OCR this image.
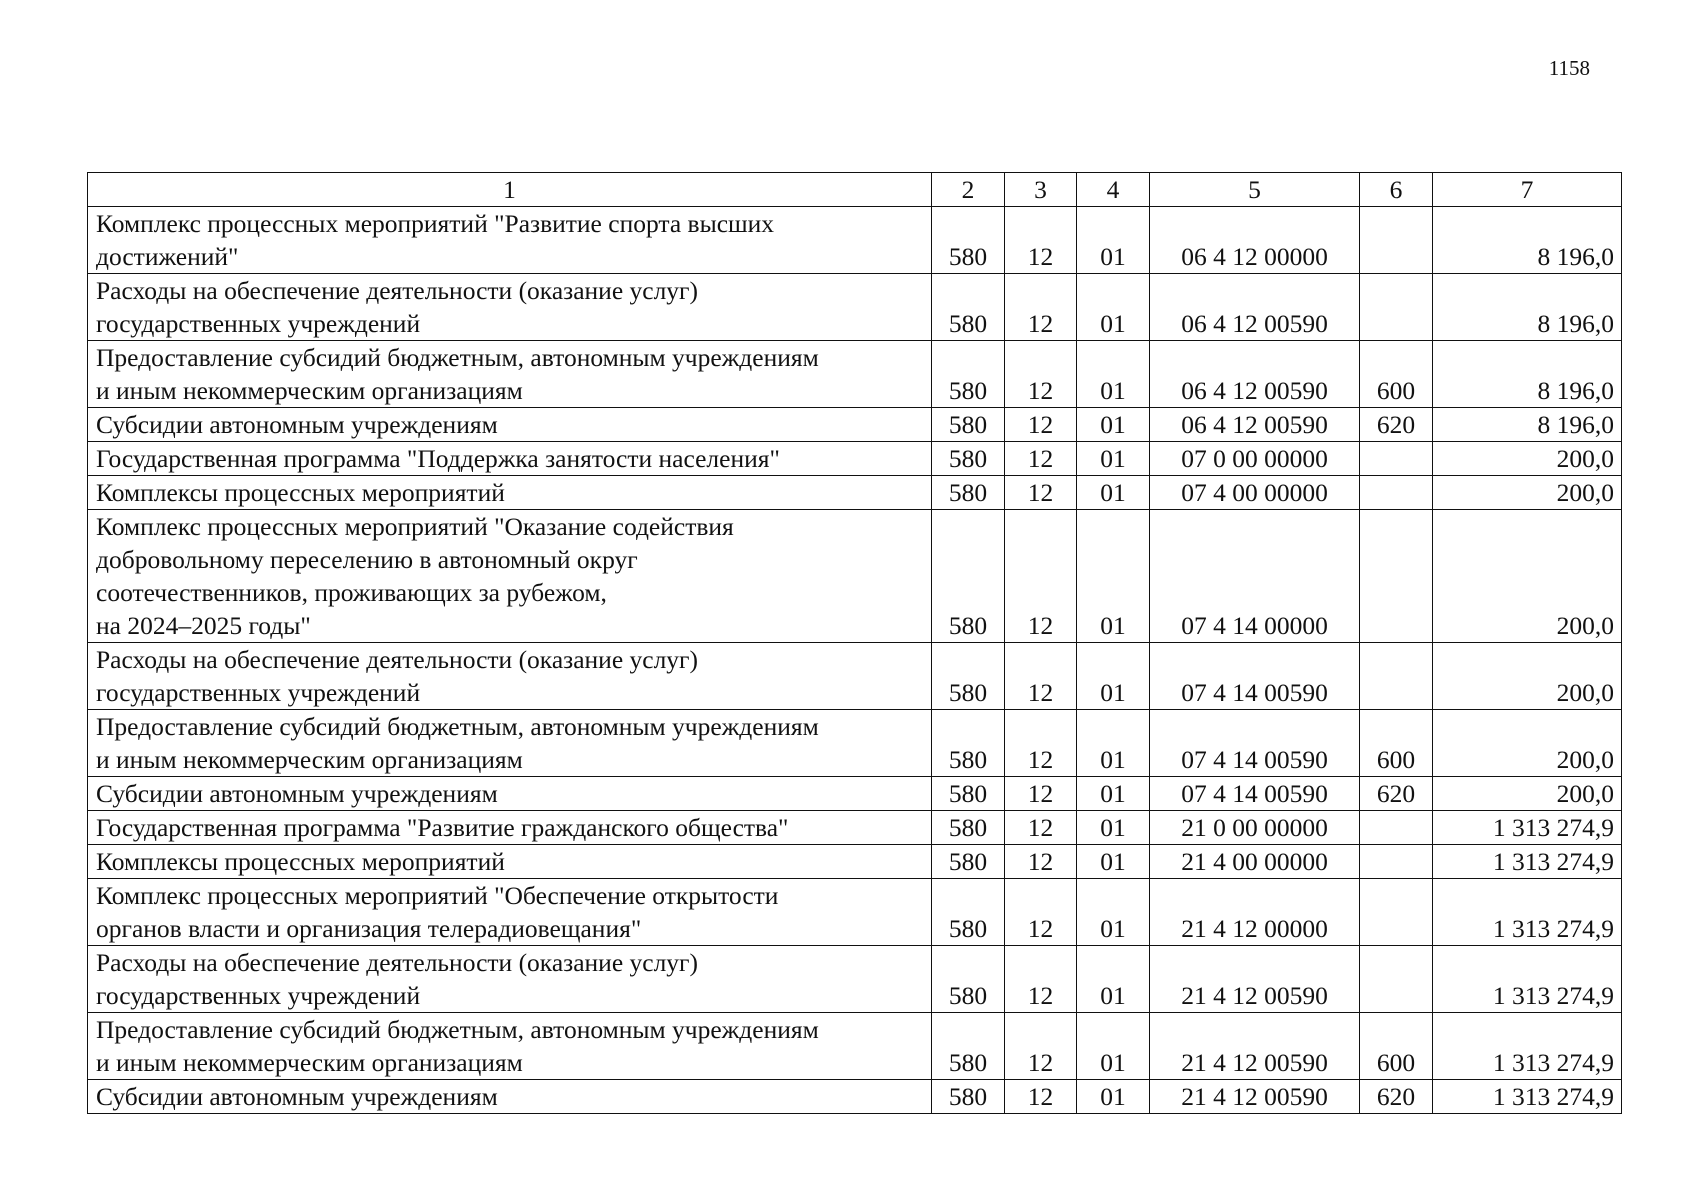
1158
1	2	3	4	5	6	7

Комплекс процессных мероприятий "Развитие спорта высших
достижений"	580	12	01	06 4 12 00000		8 196,0

Расходы на обеспечение деятельности (оказание услуг)
государственных учреждений	580	12	01	06 4 12 00590		8 196,0

Предоставление субсидий бюджетным, автономным учреждениям
и иным некоммерческим организациям	580	12	01	06 4 12 00590	600	8 196,0

Субсидии автономным учреждениям	580	12	01	06 4 12 00590	620	8 196,0

Государственная программа "Поддержка занятости населения"	580	12	01	07 0 00 00000		200,0

Комплексы процессных мероприятий	580	12	01	07 4 00 00000		200,0

Комплекс процессных мероприятий "Оказание содействия
добровольному переселению в автономный округ
соотечественников, проживающих за рубежом,
на 2024–2025 годы"	580	12	01	07 4 14 00000		200,0

Расходы на обеспечение деятельности (оказание услуг)
государственных учреждений	580	12	01	07 4 14 00590		200,0

Предоставление субсидий бюджетным, автономным учреждениям
и иным некоммерческим организациям	580	12	01	07 4 14 00590	600	200,0

Субсидии автономным учреждениям	580	12	01	07 4 14 00590	620	200,0

Государственная программа "Развитие гражданского общества"	580	12	01	21 0 00 00000		1 313 274,9

Комплексы процессных мероприятий	580	12	01	21 4 00 00000		1 313 274,9

Комплекс процессных мероприятий "Обеспечение открытости
органов власти и организация телерадиовещания"	580	12	01	21 4 12 00000		1 313 274,9

Расходы на обеспечение деятельности (оказание услуг)
государственных учреждений	580	12	01	21 4 12 00590		1 313 274,9

Предоставление субсидий бюджетным, автономным учреждениям
и иным некоммерческим организациям	580	12	01	21 4 12 00590	600	1 313 274,9

Субсидии автономным учреждениям	580	12	01	21 4 12 00590	620	1 313 274,9
